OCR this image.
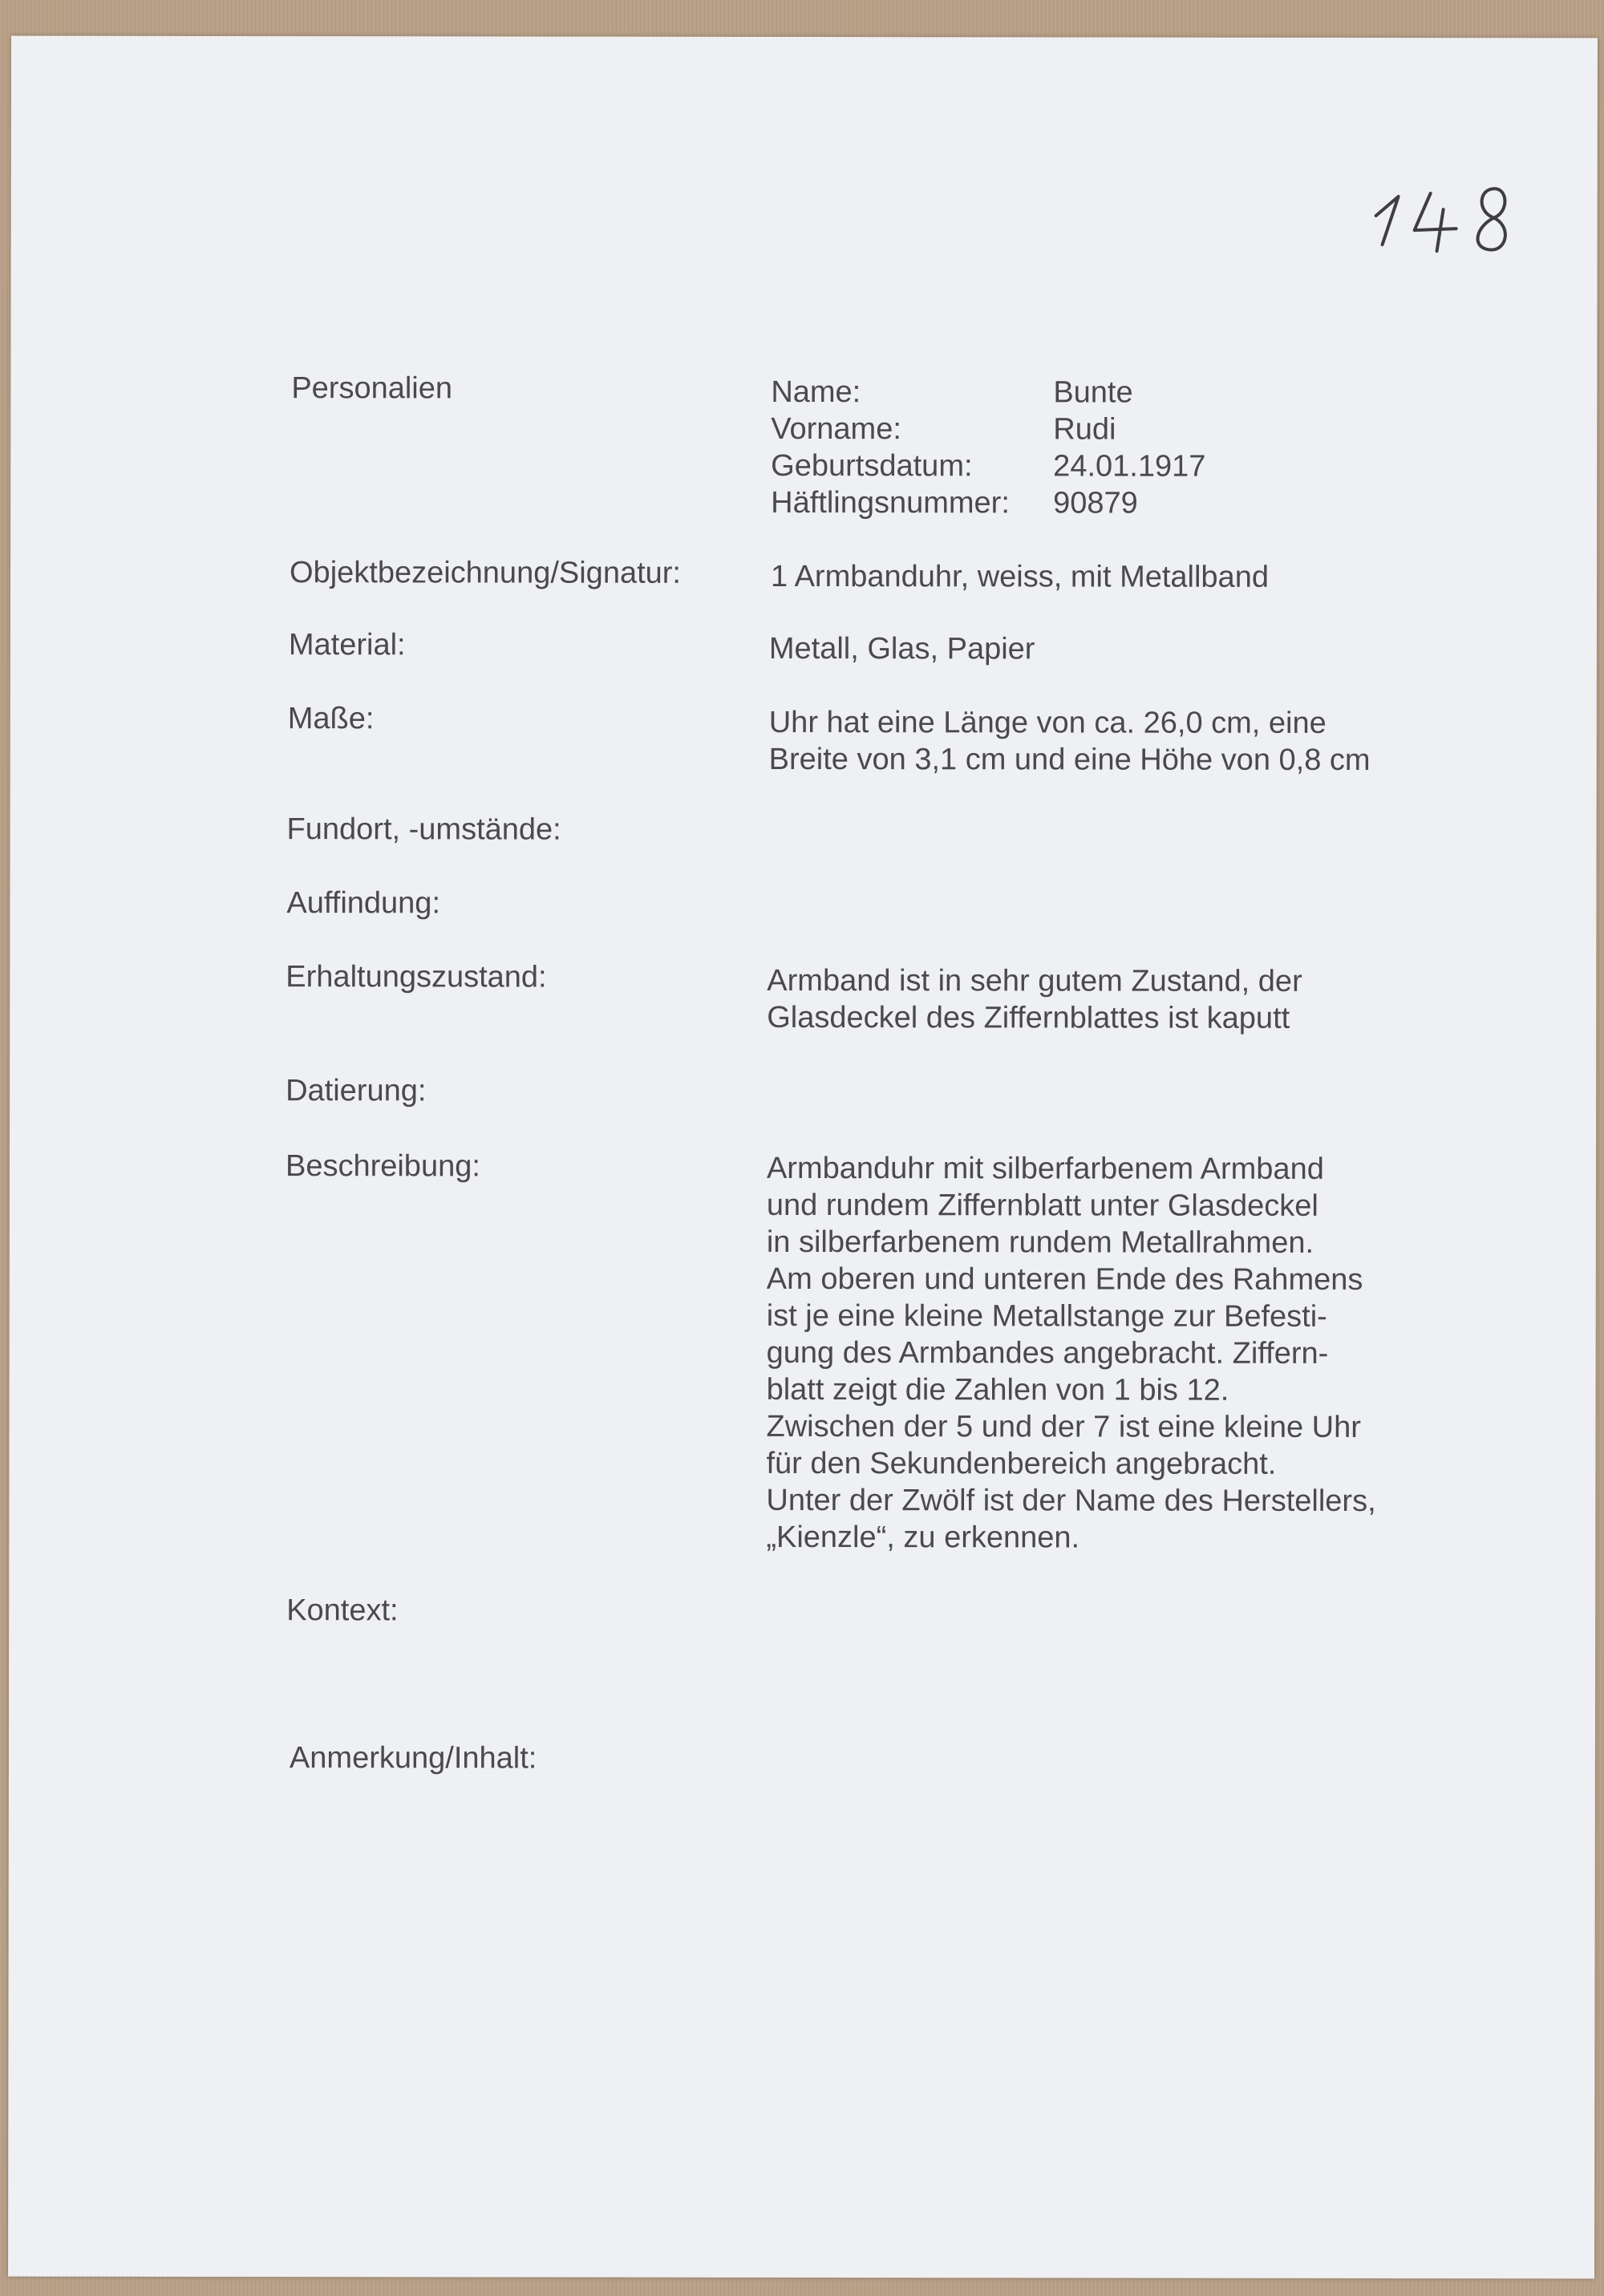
Personalien	Name:	Bunte
Vorname:	Rudi
Geburtsdatum:	24.01.1917
Häftlingsnummer:	90879
Objektbezeichnung/Signatur:	1 Armbanduhr, weiss, mit Metallband
Material:	Metall, Glas, Papier
Maße:	Uhr hat eine Länge von ca. 26,0 cm, eine
Breite von 3,1 cm und eine Höhe von 0,8 cm
Fundort, -umstände:
Auffindung:
Erhaltungszustand:	Armband ist in sehr gutem Zustand, der
Glasdeckel des Ziffernblattes ist kaputt
Datierung:
Beschreibung:	Armbanduhr mit silberfarbenem Armband
und rundem Ziffernblatt unter Glasdeckel
in silberfarbenem rundem Metallrahmen.
Am oberen und unteren Ende des Rahmens
ist je eine kleine Metallstange zur Befesti-
gung des Armbandes angebracht. Ziffern-
blatt zeigt die Zahlen von 1 bis 12.
Zwischen der 5 und der 7 ist eine kleine Uhr
für den Sekundenbereich angebracht.
Unter der Zwölf ist der Name des Herstellers,
„Kienzle“, zu erkennen.
Kontext:
Anmerkung/Inhalt:
